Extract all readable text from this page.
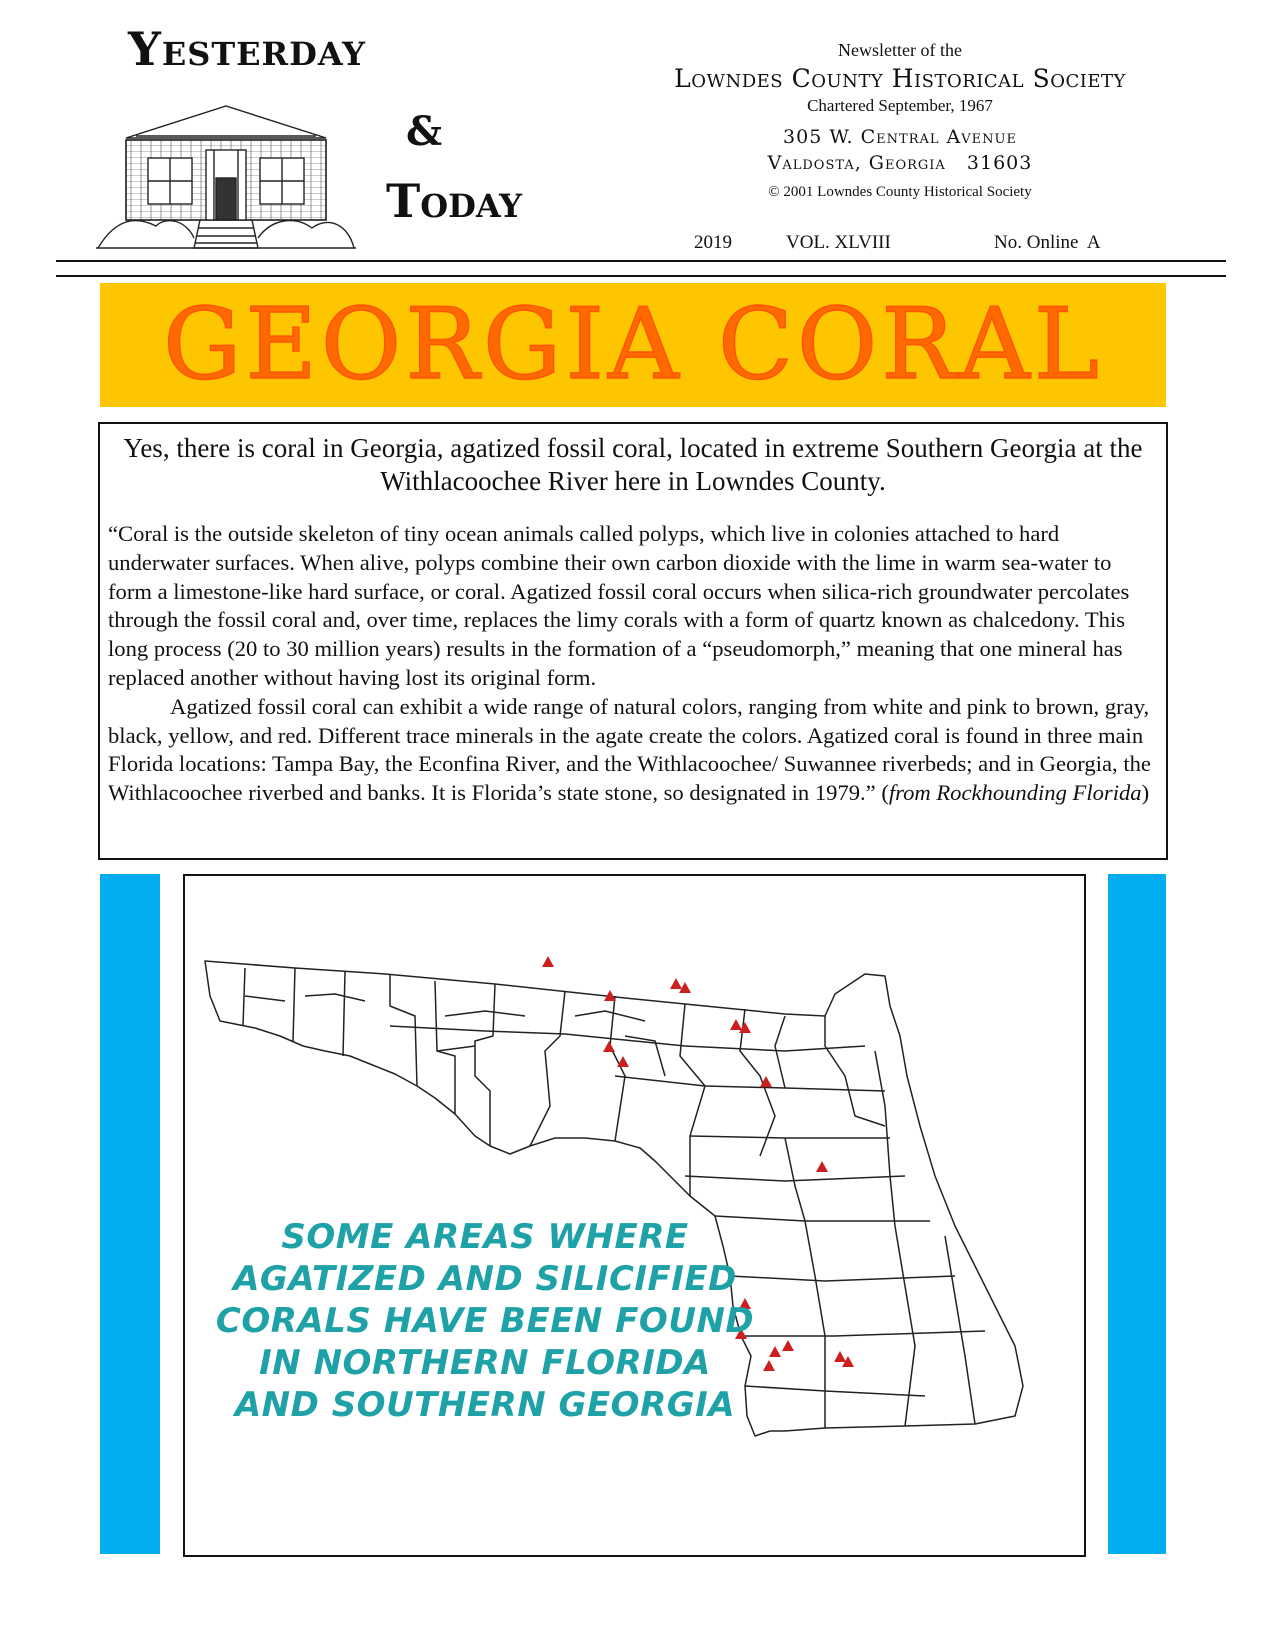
Yesterday
&
Today
Newsletter of the
Lowndes County Historical Society
Chartered September, 1967
305 W. Central Avenue
Valdosta, Georgia   31603
© 2001 Lowndes County Historical Society
2019	VOL. XLVIII	No. Online  A
GEORGIA CORAL
Yes, there is coral in Georgia, agatized fossil coral, located in extreme Southern Georgia at the Withlacoochee River here in Lowndes County.

“Coral is the outside skeleton of tiny ocean animals called polyps, which live in colonies attached to hard underwater surfaces. When alive, polyps combine their own carbon dioxide with the lime in warm sea-water to form a limestone-like hard surface, or coral. Agatized fossil coral occurs when silica-rich groundwater percolates through the fossil coral and, over time, replaces the limy corals with a form of quartz known as chalcedony. This long process (20 to 30 million years) results in the formation of a “pseudomorph,” meaning that one mineral has replaced another without having lost its original form.

Agatized fossil coral can exhibit a wide range of natural colors, ranging from white and pink to brown, gray, black, yellow, and red. Different trace minerals in the agate create the colors. Agatized coral is found in three main Florida locations: Tampa Bay, the Econfina River, and the Withlacoochee/ Suwannee riverbeds; and in Georgia, the Withlacoochee riverbed and banks. It is Florida’s state stone, so designated in 1979.” (from Rockhounding Florida)

SOME AREAS WHERE
AGATIZED AND SILICIFIED
CORALS HAVE BEEN FOUND
IN NORTHERN FLORIDA
AND SOUTHERN GEORGIA
